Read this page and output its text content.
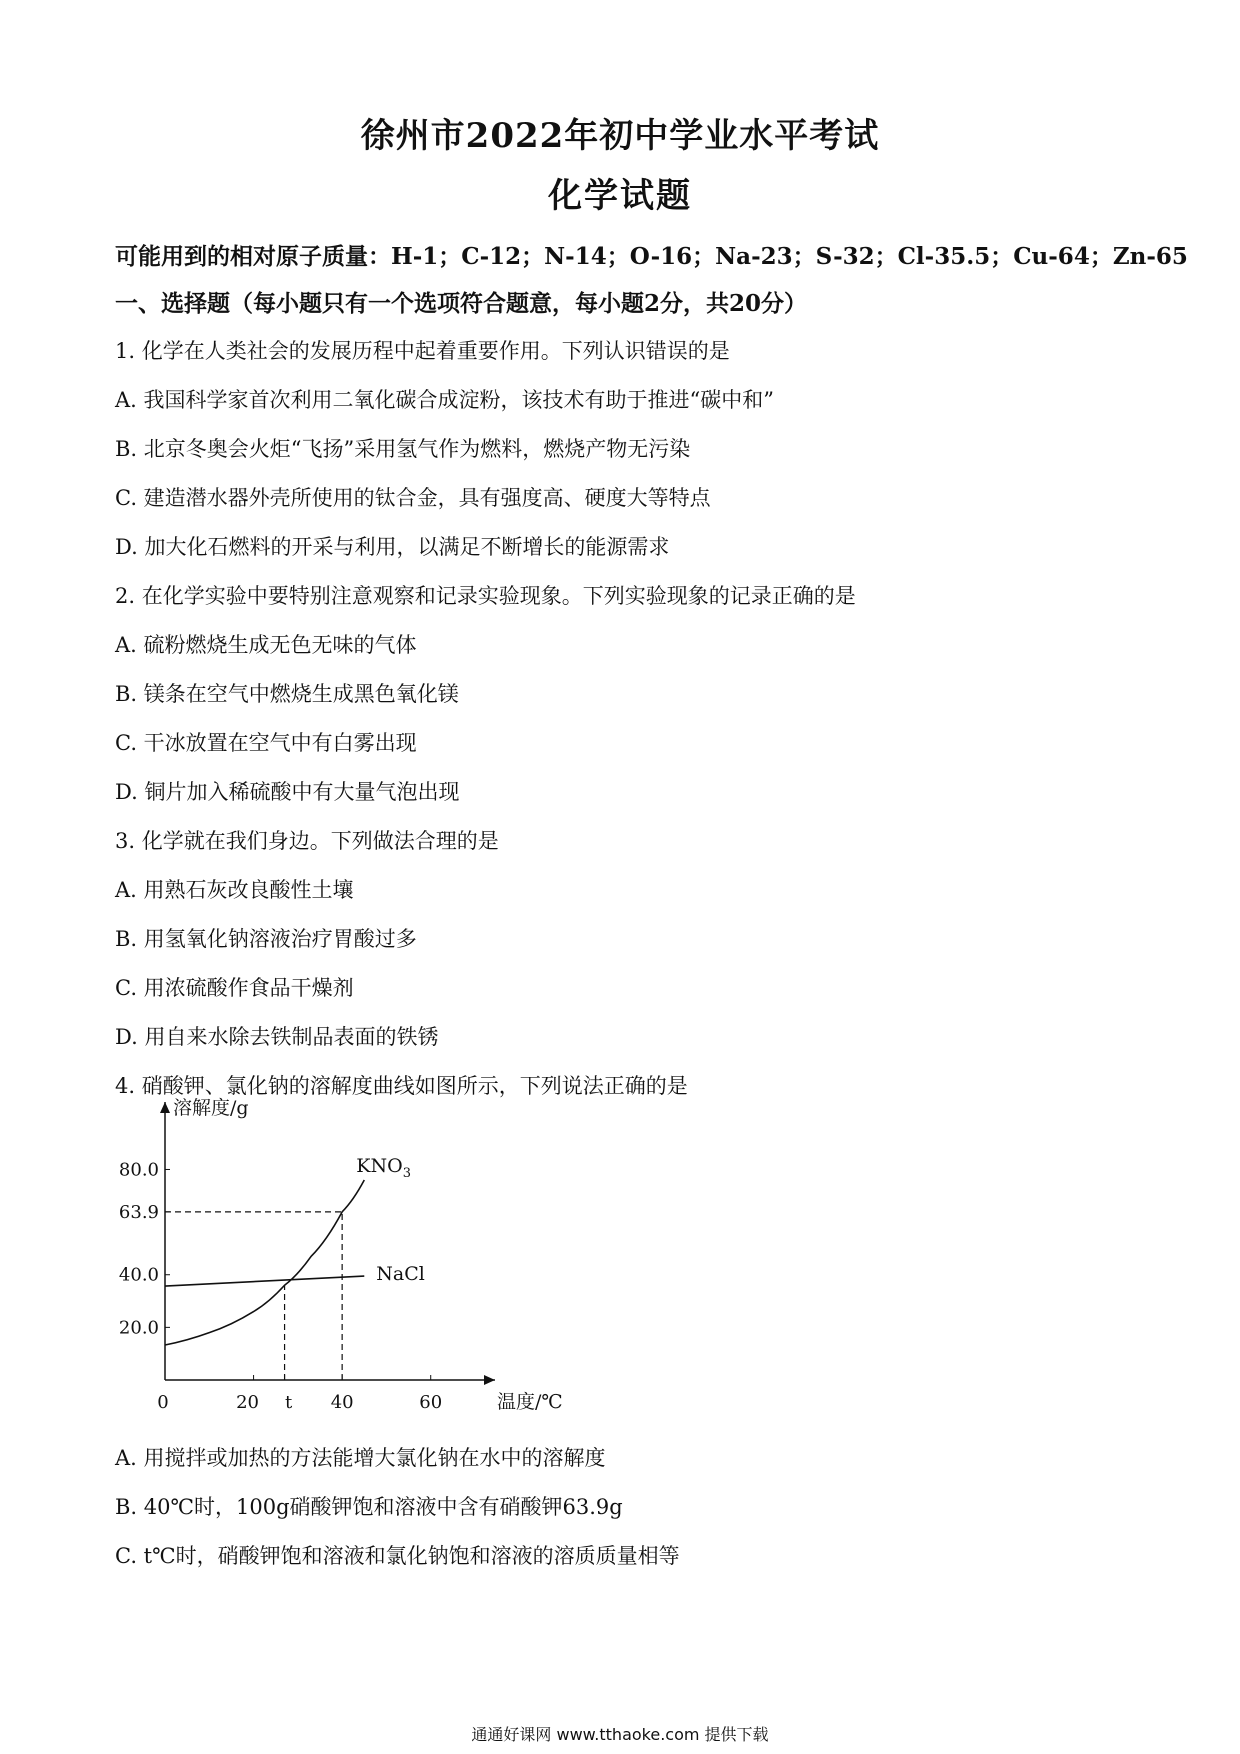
徐州市2022年初中学业水平考试
化学试题
可能用到的相对原子质量：H-1；C-12；N-14；O-16；Na-23；S-32；Cl-35.5；Cu-64；Zn-65
一、选择题（每小题只有一个选项符合题意，每小题2分，共20分）
1. 化学在人类社会的发展历程中起着重要作用。下列认识错误的是
A. 我国科学家首次利用二氧化碳合成淀粉，该技术有助于推进“碳中和”
B. 北京冬奥会火炬“飞扬”采用氢气作为燃料，燃烧产物无污染
C. 建造潜水器外壳所使用的钛合金，具有强度高、硬度大等特点
D. 加大化石燃料的开采与利用，以满足不断增长的能源需求
2. 在化学实验中要特别注意观察和记录实验现象。下列实验现象的记录正确的是
A. 硫粉燃烧生成无色无味的气体
B. 镁条在空气中燃烧生成黑色氧化镁
C. 干冰放置在空气中有白雾出现
D. 铜片加入稀硫酸中有大量气泡出现
3. 化学就在我们身边。下列做法合理的是
A. 用熟石灰改良酸性土壤
B. 用氢氧化钠溶液治疗胃酸过多
C. 用浓硫酸作食品干燥剂
D. 用自来水除去铁制品表面的铁锈
4. 硝酸钾、氯化钠的溶解度曲线如图所示，下列说法正确的是
溶解度/g
温度/℃
20.0
40.0
63.9
80.0
0	20 t 40	60
$KNO_3$
NaCl
A. 用搅拌或加热的方法能增大氯化钠在水中的溶解度
B. 40℃时，100g硝酸钾饱和溶液中含有硝酸钾63.9g
C. t℃时，硝酸钾饱和溶液和氯化钠饱和溶液的溶质质量相等
通通好课网 www.tthaoke.com 提供下载
